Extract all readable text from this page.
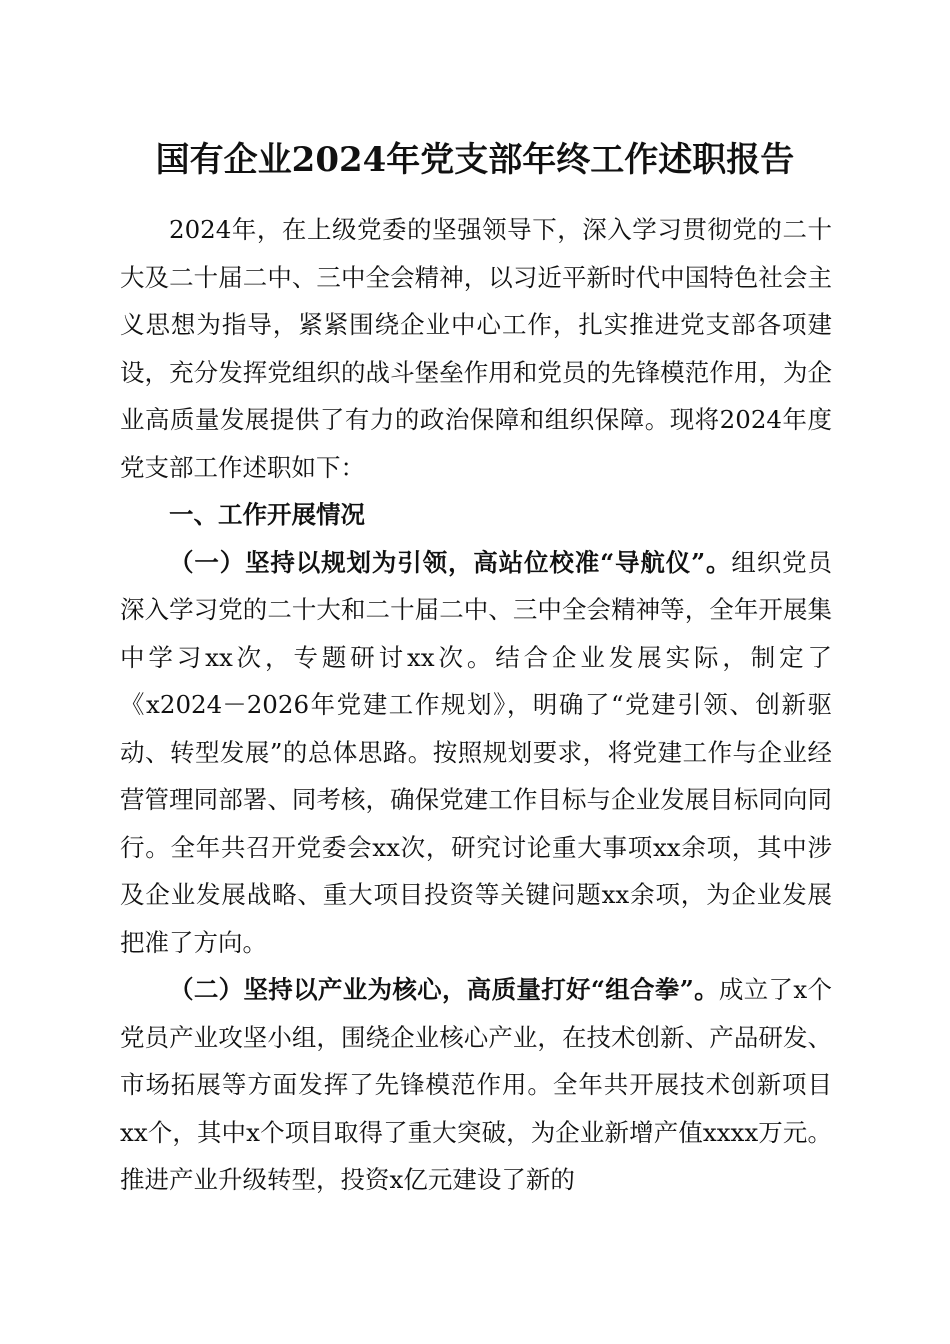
国有企业2024年党支部年终工作述职报告

2024年，在上级党委的坚强领导下，深入学习贯彻党的二十大及二十届二中、三中全会精神，以习近平新时代中国特色社会主义思想为指导，紧紧围绕企业中心工作，扎实推进党支部各项建设，充分发挥党组织的战斗堡垒作用和党员的先锋模范作用，为企业高质量发展提供了有力的政治保障和组织保障。现将2024年度党支部工作述职如下：

一、工作开展情况

（一）坚持以规划为引领，高站位校准“导航仪”。组织党员深入学习党的二十大和二十届二中、三中全会精神等，全年开展集中学习xx次，专题研讨xx次。结合企业发展实际，制定了《x2024－2026年党建工作规划》，明确了“党建引领、创新驱动、转型发展”的总体思路。按照规划要求，将党建工作与企业经营管理同部署、同考核，确保党建工作目标与企业发展目标同向同行。全年共召开党委会xx次，研究讨论重大事项xx余项，其中涉及企业发展战略、重大项目投资等关键问题xx余项，为企业发展把准了方向。

（二）坚持以产业为核心，高质量打好“组合拳”。成立了x个党员产业攻坚小组，围绕企业核心产业，在技术创新、产品研发、市场拓展等方面发挥了先锋模范作用。全年共开展技术创新项目xx个，其中x个项目取得了重大突破，为企业新增产值xxxx万元。推进产业升级转型，投资x亿元建设了新的
